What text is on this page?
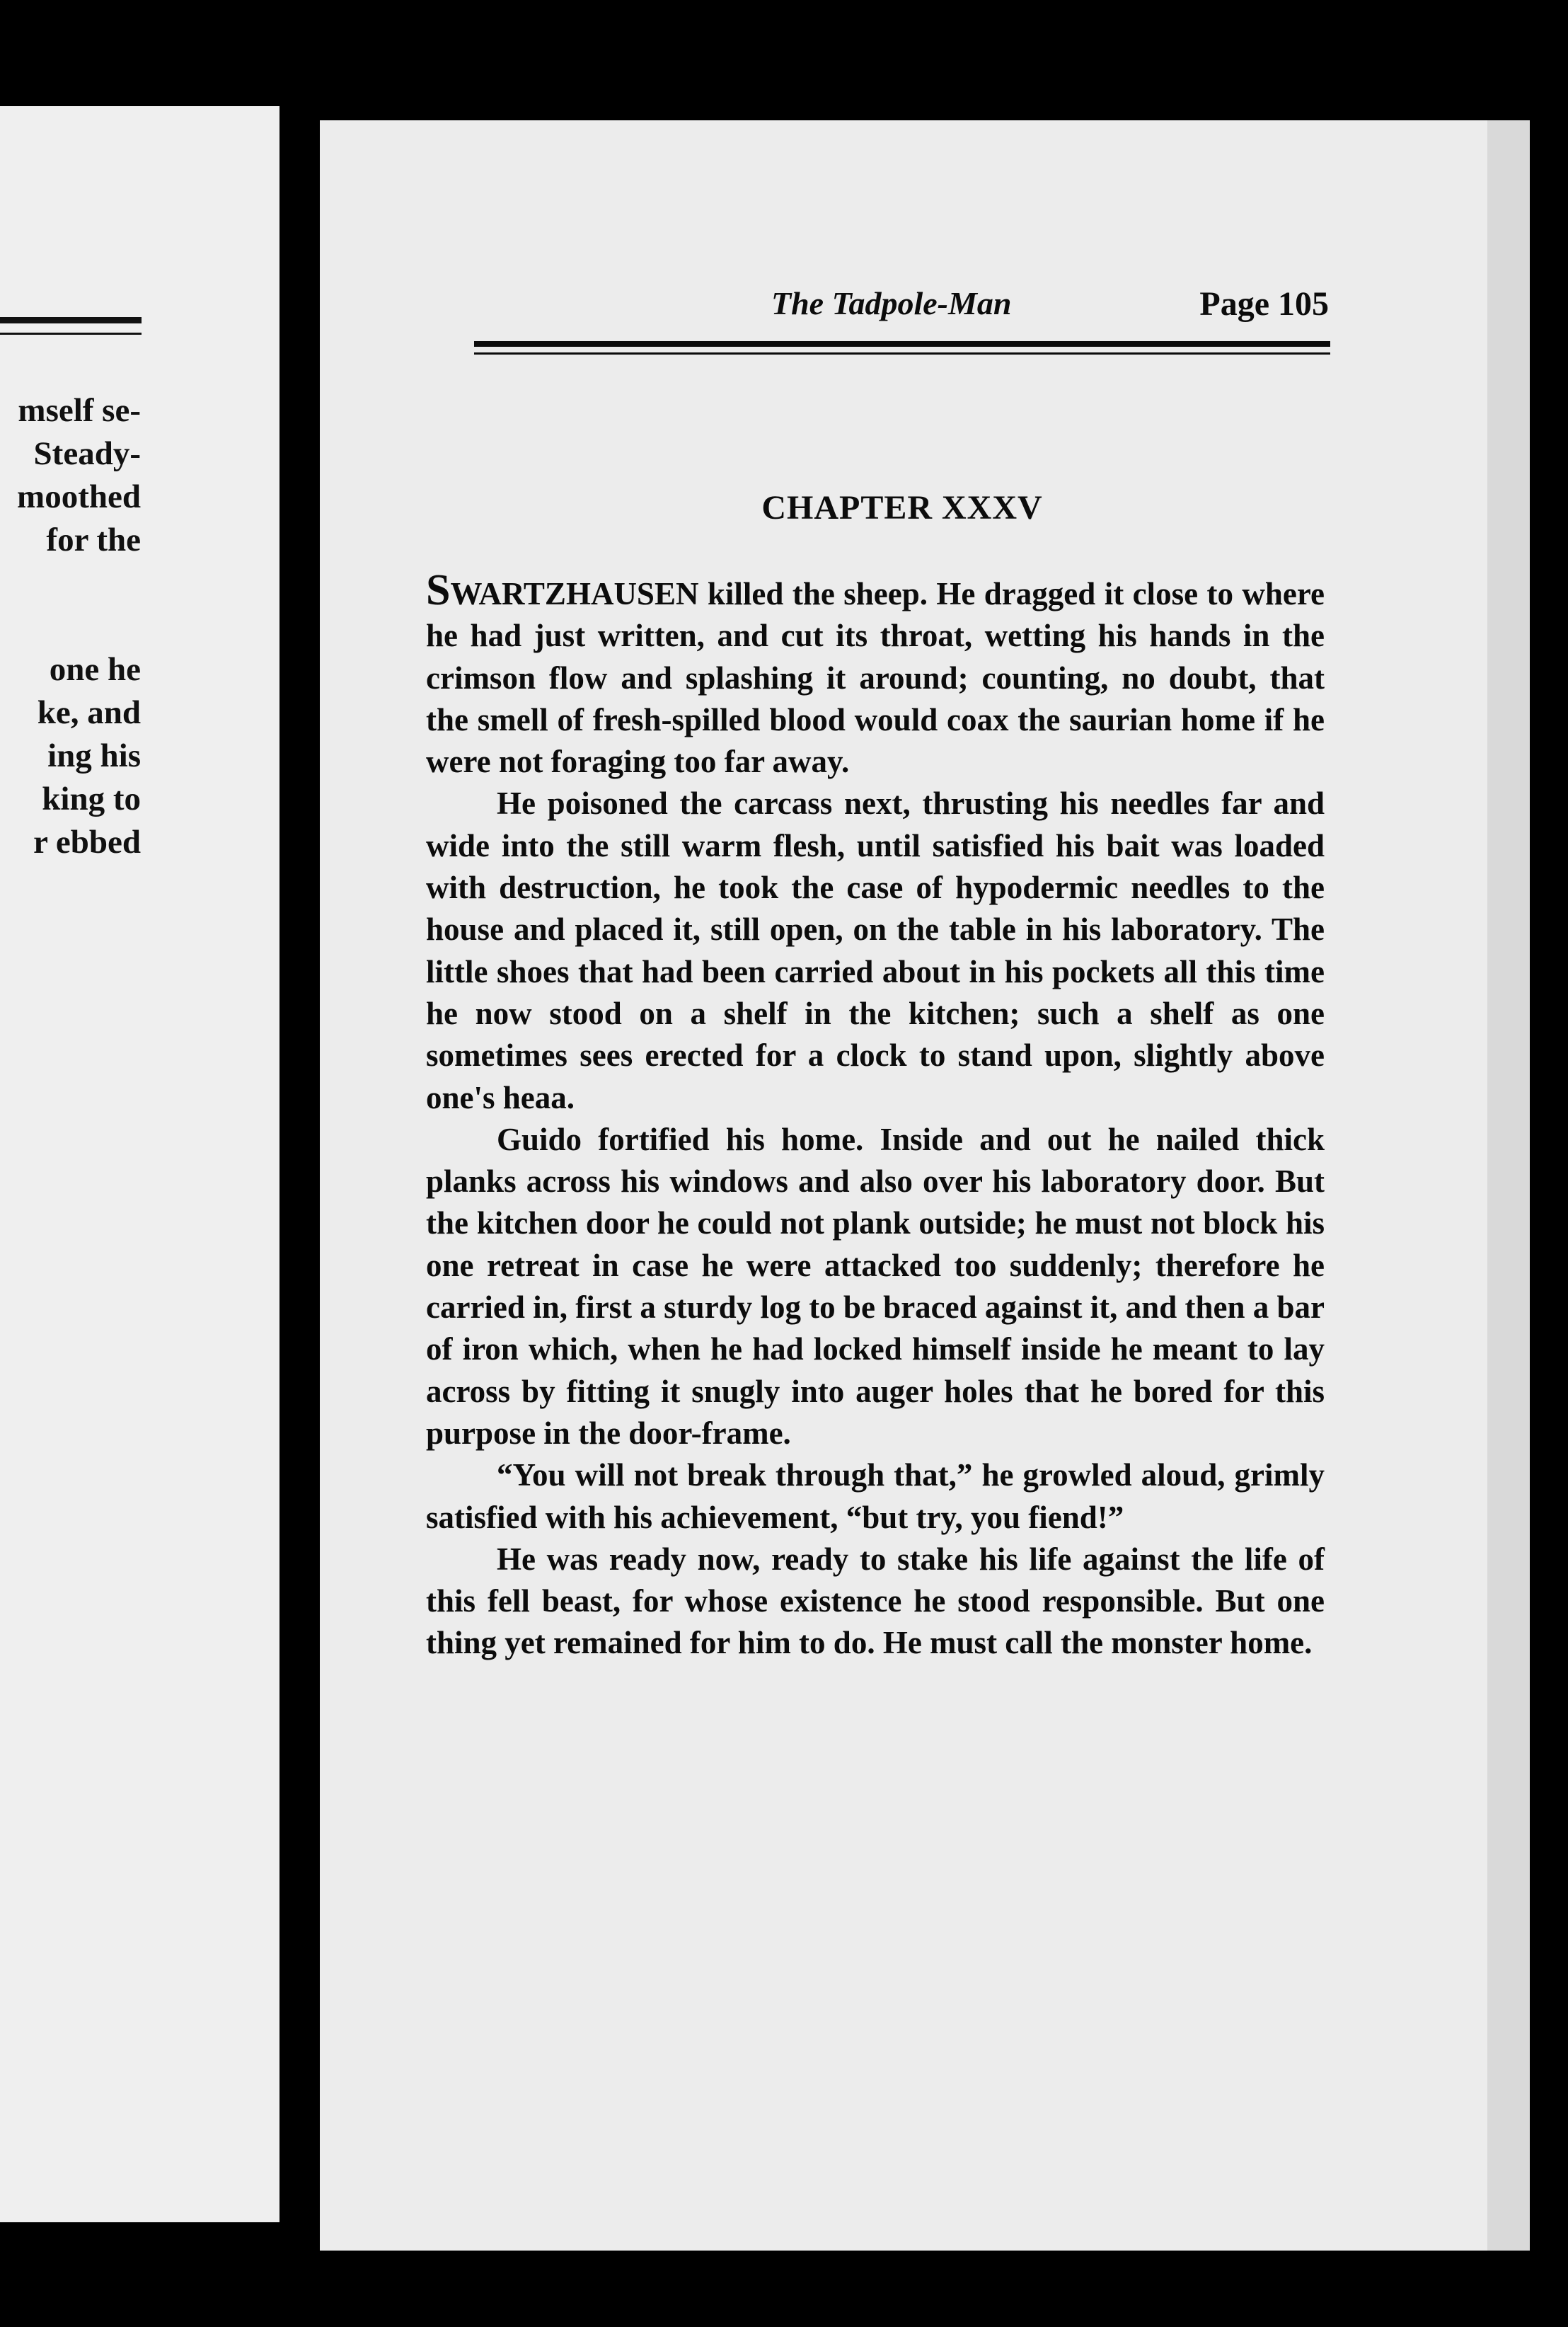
mself se-
Steady-
moothed
for the
one he
ke, and
ing his
king to
r ebbed
The Tadpole-Man	Page 105
CHAPTER XXXV

SWARTZHAUSEN killed the sheep. He dragged it close to where he had just written, and cut its throat, wetting his hands in the crimson flow and splashing it around; counting, no doubt, that the smell of fresh-spilled blood would coax the saurian home if he were not foraging too far away.

He poisoned the carcass next, thrusting his needles far and wide into the still warm flesh, until satisfied his bait was loaded with destruction, he took the case of hypodermic needles to the house and placed it, still open, on the table in his laboratory. The little shoes that had been carried about in his pockets all this time he now stood on a shelf in the kitchen; such a shelf as one sometimes sees erected for a clock to stand upon, slightly above one's heaa.

Guido fortified his home. Inside and out he nailed thick planks across his windows and also over his laboratory door. But the kitchen door he could not plank outside; he must not block his one retreat in case he were attacked too suddenly; therefore he carried in, first a sturdy log to be braced against it, and then a bar of iron which, when he had locked himself inside he meant to lay across by fitting it snugly into auger holes that he bored for this purpose in the door-frame.

“You will not break through that,” he growled aloud, grimly satisfied with his achievement, “but try, you fiend!”

He was ready now, ready to stake his life against the life of this fell beast, for whose existence he stood responsible. But one thing yet remained for him to do. He must call the monster home.
